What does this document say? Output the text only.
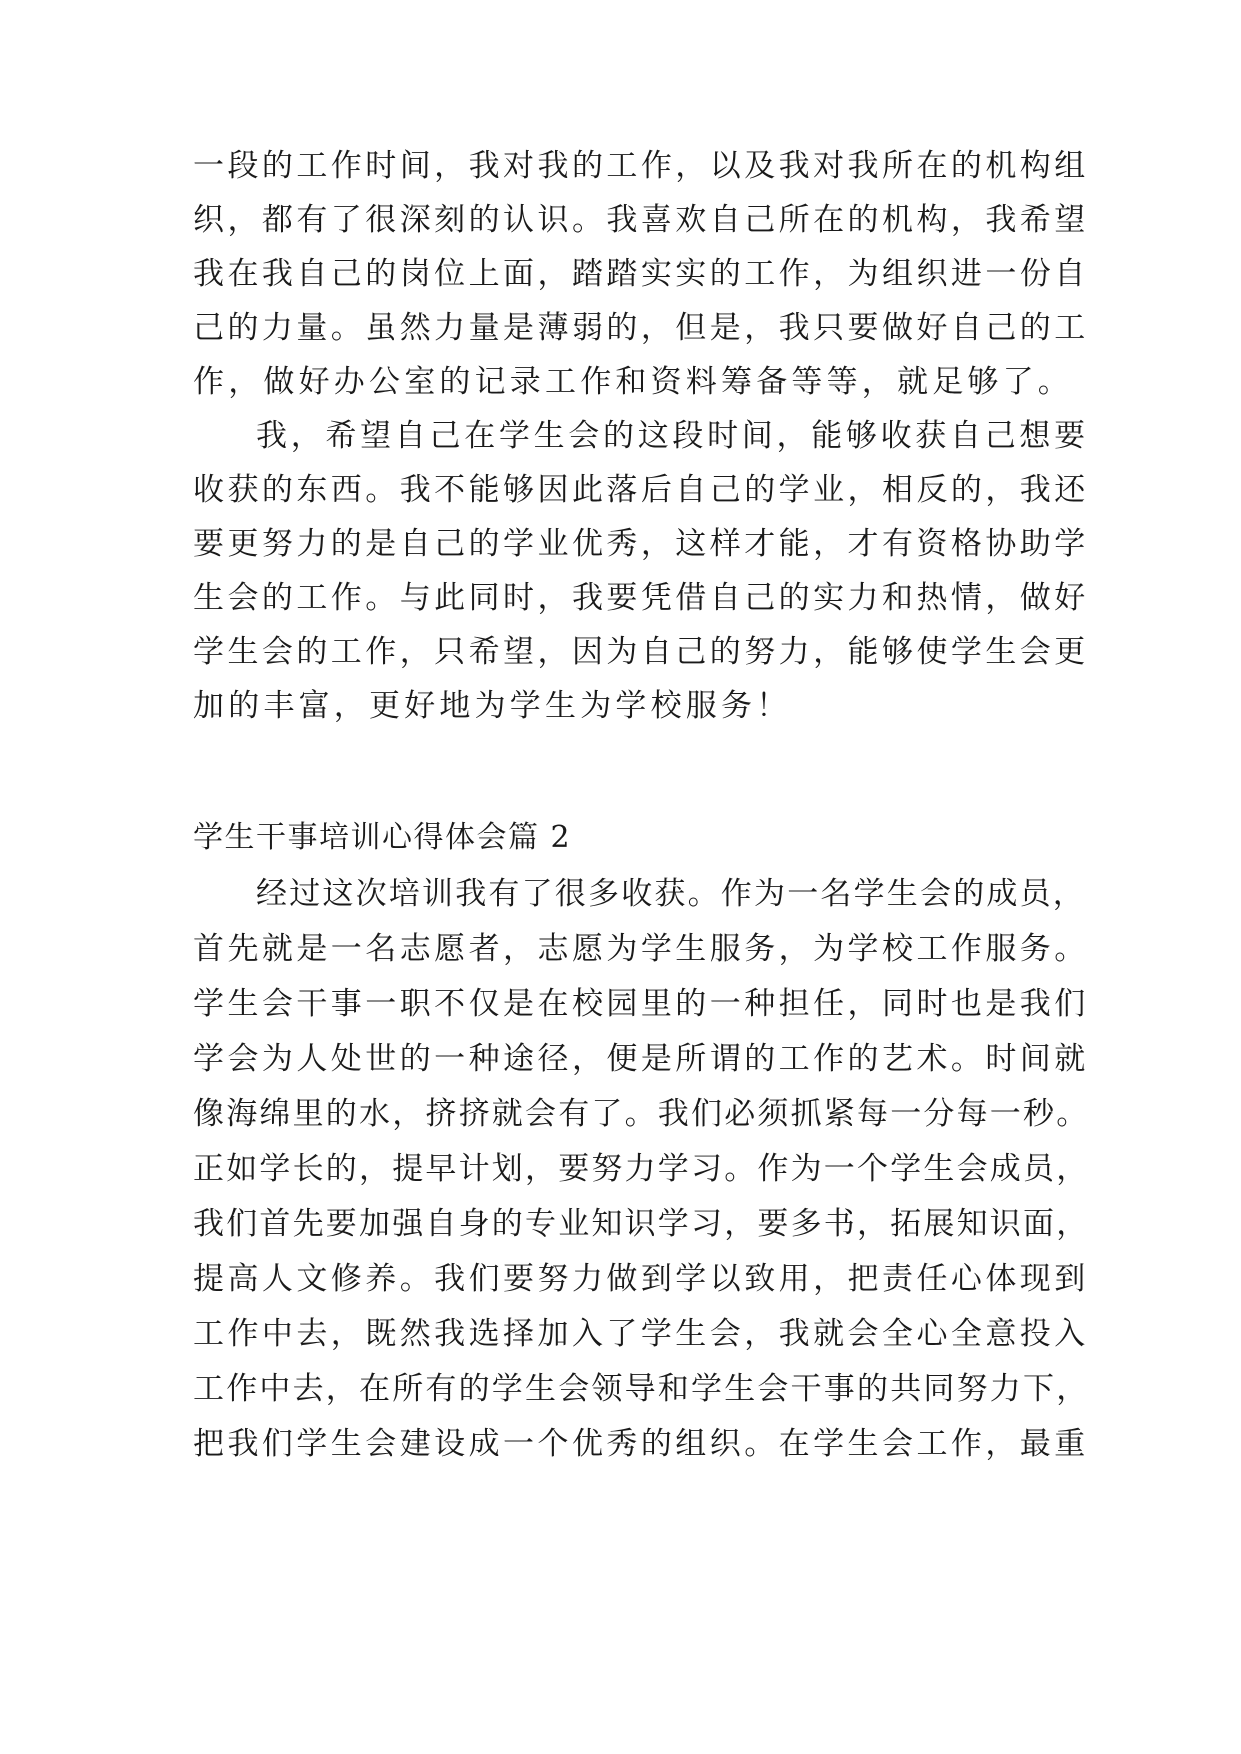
一段的工作时间，我对我的工作，以及我对我所在的机构组
织，都有了很深刻的认识。我喜欢自己所在的机构，我希望
我在我自己的岗位上面，踏踏实实的工作，为组织进一份自
己的力量。虽然力量是薄弱的，但是，我只要做好自己的工
作，做好办公室的记录工作和资料筹备等等，就足够了。
我，希望自己在学生会的这段时间，能够收获自己想要
收获的东西。我不能够因此落后自己的学业，相反的，我还
要更努力的是自己的学业优秀，这样才能，才有资格协助学
生会的工作。与此同时，我要凭借自己的实力和热情，做好
学生会的工作，只希望，因为自己的努力，能够使学生会更
加的丰富，更好地为学生为学校服务！
学生干事培训心得体会篇 2
经过这次培训我有了很多收获。作为一名学生会的成员，
首先就是一名志愿者，志愿为学生服务，为学校工作服务。
学生会干事一职不仅是在校园里的一种担任，同时也是我们
学会为人处世的一种途径，便是所谓的工作的艺术。时间就
像海绵里的水，挤挤就会有了。我们必须抓紧每一分每一秒。
正如学长的，提早计划，要努力学习。作为一个学生会成员，
我们首先要加强自身的专业知识学习，要多书，拓展知识面，
提高人文修养。我们要努力做到学以致用，把责任心体现到
工作中去，既然我选择加入了学生会，我就会全心全意投入
工作中去，在所有的学生会领导和学生会干事的共同努力下，
把我们学生会建设成一个优秀的组织。在学生会工作，最重
